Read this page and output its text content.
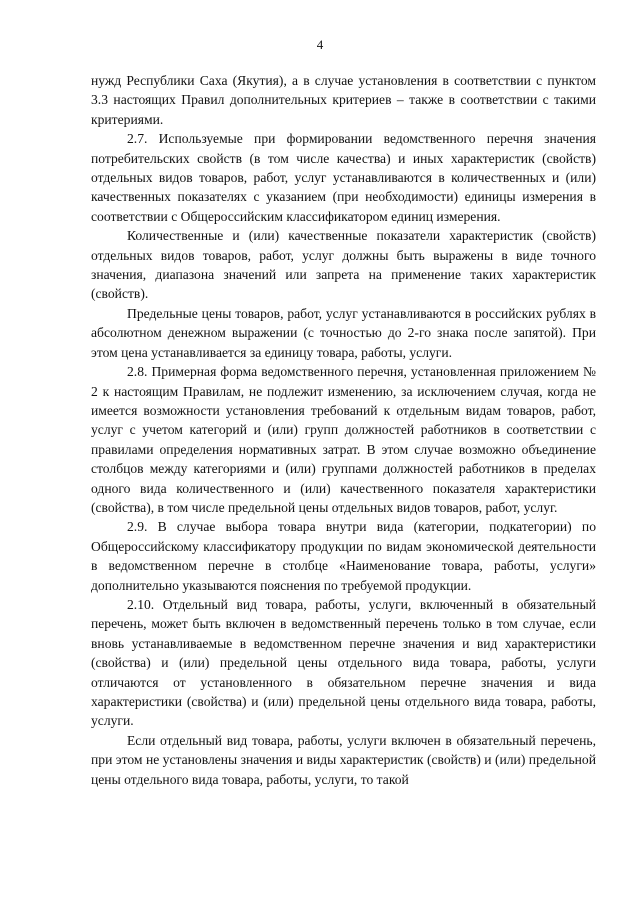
4

нужд Республики Саха (Якутия), а в случае установления в соответствии с пунктом 3.3 настоящих Правил дополнительных критериев – также в соответствии с такими критериями.

2.7. Используемые при формировании ведомственного перечня значения потребительских свойств (в том числе качества) и иных характеристик (свойств) отдельных видов товаров, работ, услуг устанавливаются в количественных и (или) качественных показателях с указанием (при необходимости) единицы измерения в соответствии с Общероссийским классификатором единиц измерения.

Количественные и (или) качественные показатели характеристик (свойств) отдельных видов товаров, работ, услуг должны быть выражены в виде точного значения, диапазона значений или запрета на применение таких характеристик (свойств).

Предельные цены товаров, работ, услуг устанавливаются в российских рублях в абсолютном денежном выражении (с точностью до 2-го знака после запятой). При этом цена устанавливается за единицу товара, работы, услуги.

2.8. Примерная форма ведомственного перечня, установленная приложением № 2 к настоящим Правилам, не подлежит изменению, за исключением случая, когда не имеется возможности установления требований к отдельным видам товаров, работ, услуг с учетом категорий и (или) групп должностей работников в соответствии с правилами определения нормативных затрат. В этом случае возможно объединение столбцов между категориями и (или) группами должностей работников в пределах одного вида количественного и (или) качественного показателя характеристики (свойства), в том числе предельной цены отдельных видов товаров, работ, услуг.

2.9. В случае выбора товара внутри вида (категории, подкатегории) по Общероссийскому классификатору продукции по видам экономической деятельности в ведомственном перечне в столбце «Наименование товара, работы, услуги» дополнительно указываются пояснения по требуемой продукции.

2.10. Отдельный вид товара, работы, услуги, включенный в обязательный перечень, может быть включен в ведомственный перечень только в том случае, если вновь устанавливаемые в ведомственном перечне значения и вид характеристики (свойства) и (или) предельной цены отдельного вида товара, работы, услуги отличаются от установленного в обязательном перечне значения и вида характеристики (свойства) и (или) предельной цены отдельного вида товара, работы, услуги.

Если отдельный вид товара, работы, услуги включен в обязательный перечень, при этом не установлены значения и виды характеристик (свойств) и (или) предельной цены отдельного вида товара, работы, услуги, то такой
